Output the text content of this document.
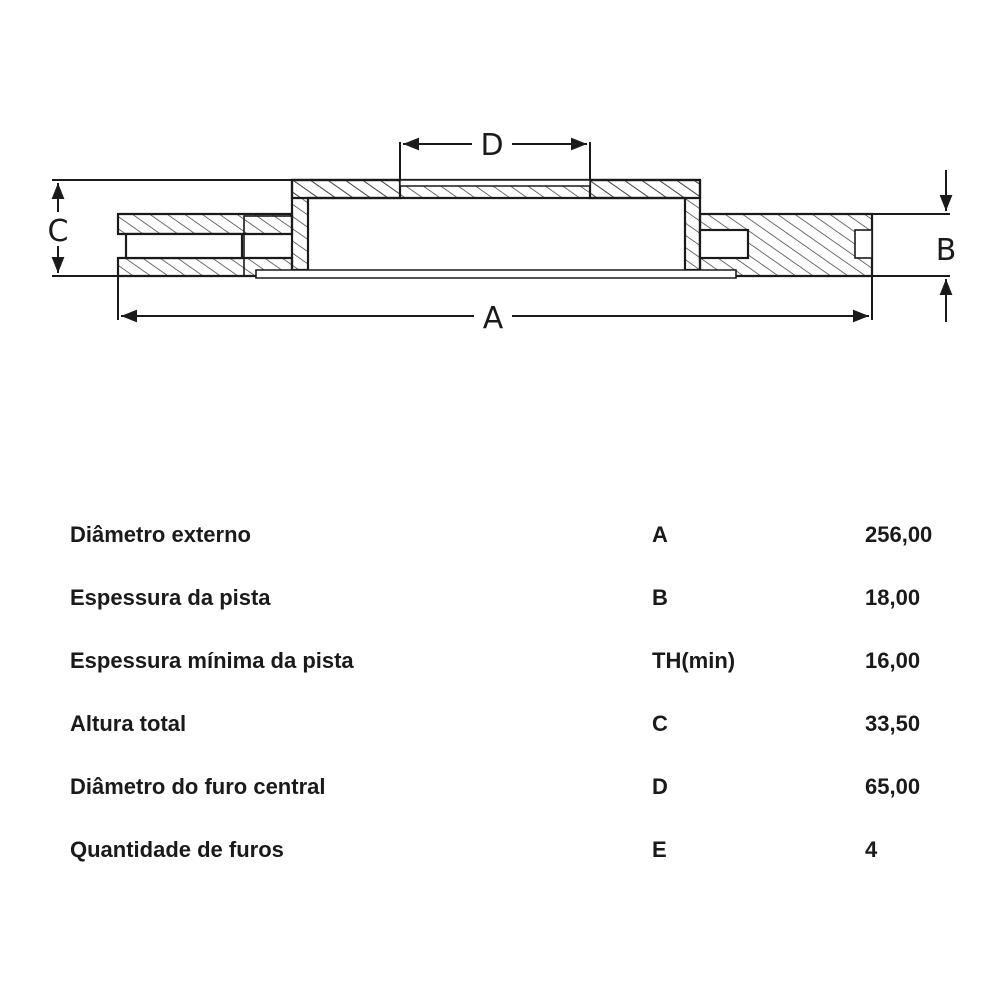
D
C
B
A
Diâmetro externo	A	256,00
Espessura da pista	B	18,00
Espessura mínima da pista	TH(min)	16,00
Altura total	C	33,50
Diâmetro do furo central	D	65,00
Quantidade de furos	E	4
